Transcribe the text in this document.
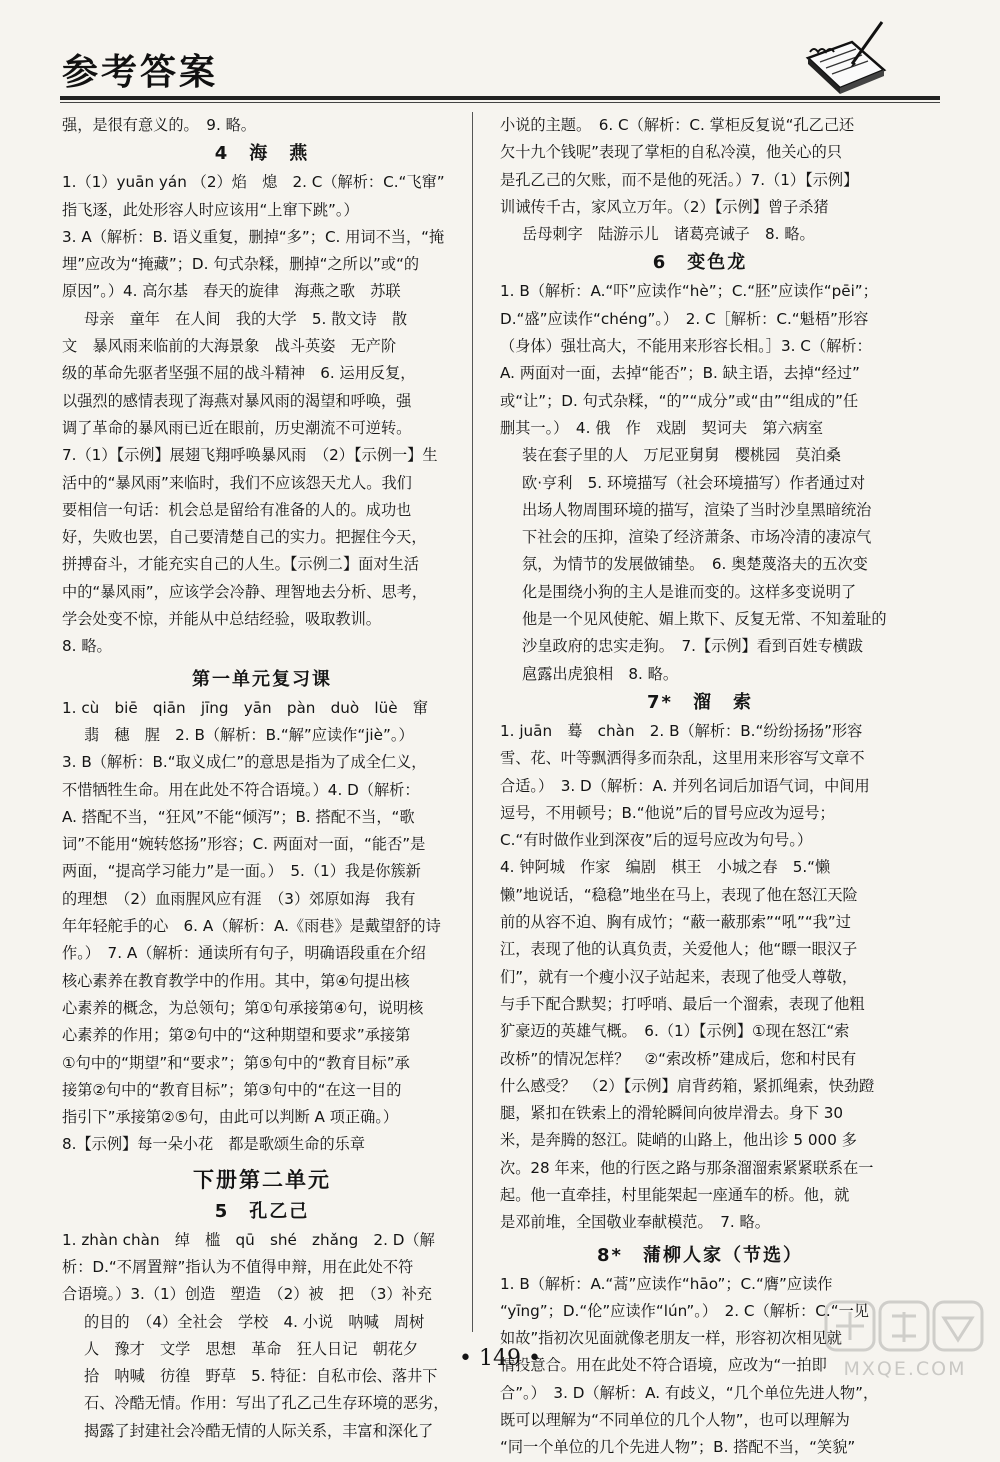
参考答案
强，是很有意义的。　9. 略。
4　海　燕
1.（1）yuān yán （2）焰　熄　2. C（解析：C.“飞窜”
指飞逐，此处形容人时应该用“上窜下跳”。）
3. A（解析：B. 语义重复，删掉“多”；C. 用词不当，“掩
埋”应改为“掩藏”；D. 句式杂糅，删掉“之所以”或“的
原因”。）4. 高尔基　春天的旋律　海燕之歌　苏联
母亲　童年　在人间　我的大学　5. 散文诗　散
文　暴风雨来临前的大海景象　战斗英姿　无产阶
级的革命先驱者坚强不屈的战斗精神　6. 运用反复，
以强烈的感情表现了海燕对暴风雨的渴望和呼唤，强
调了革命的暴风雨已近在眼前，历史潮流不可逆转。
7.（1）【示例】展翅飞翔呼唤暴风雨　（2）【示例一】生
活中的“暴风雨”来临时，我们不应该怨天尤人。我们
要相信一句话：机会总是留给有准备的人的。成功也
好，失败也罢，自己要清楚自己的实力。把握住今天，
拼搏奋斗，才能充实自己的人生。【示例二】面对生活
中的“暴风雨”，应该学会冷静、理智地去分析、思考，
学会处变不惊，并能从中总结经验，吸取教训。
8. 略。
第一单元复习课
1. cù　biē　qiān　jīng　yān　pàn　duò　lüè　窜
翡　穗　腥　2. B（解析：B.“解”应读作“jiè”。）
3. B（解析：B.“取义成仁”的意思是指为了成全仁义，
不惜牺牲生命。用在此处不符合语境。）4. D（解析：
A. 搭配不当，“狂风”不能“倾泻”；B. 搭配不当，“歌
词”不能用“婉转悠扬”形容；C. 两面对一面，“能否”是
两面，“提高学习能力”是一面。）　5.（1）我是你簇新
的理想　（2）血雨腥风应有涯　（3）郊原如海　我有
年年轻舵手的心　6. A（解析：A.《雨巷》是戴望舒的诗
作。）　7. A（解析：通读所有句子，明确语段重在介绍
核心素养在教育教学中的作用。其中，第④句提出核
心素养的概念，为总领句；第①句承接第④句，说明核
心素养的作用；第②句中的“这种期望和要求”承接第
①句中的“期望”和“要求”；第⑤句中的“教育目标”承
接第②句中的“教育目标”；第③句中的“在这一目的
指引下”承接第②⑤句，由此可以判断 A 项正确。）
8.【示例】每一朵小花　都是歌颂生命的乐章
下册第二单元
5　孔乙己
1. zhàn chàn　绰　槛　qū　shé　zhǎng　2. D（解
析：D.“不屑置辩”指认为不值得申辩，用在此处不符
合语境。）3.（1）创造　塑造　（2）被　把　（3）补充
的目的　（4）全社会　学校　4. 小说　呐喊　周树
人　豫才　文学　思想　革命　狂人日记　朝花夕
拾　呐喊　彷徨　野草　5. 特征：自私市侩、落井下
石、冷酷无情。作用：写出了孔乙己生存环境的恶劣，
揭露了封建社会冷酷无情的人际关系，丰富和深化了
小说的主题。　6. C（解析：C. 掌柜反复说“孔乙己还
欠十九个钱呢”表现了掌柜的自私冷漠，他关心的只
是孔乙己的欠账，而不是他的死活。）7.（1）【示例】
训诫传千古，家风立万年。（2）【示例】曾子杀猪
岳母刺字　陆游示儿　诸葛亮诫子　8. 略。
6　变色龙
1. B（解析：A.“吓”应读作“hè”；C.“胚”应读作“pēi”；
D.“盛”应读作“chéng”。）　2. C［解析：C.“魁梧”形容
（身体）强壮高大，不能用来形容长相。］3. C（解析：
A. 两面对一面，去掉“能否”；B. 缺主语，去掉“经过”
或“让”；D. 句式杂糅，“的”“成分”或“由”“组成的”任
删其一。）　4. 俄　作　戏剧　契诃夫　第六病室
装在套子里的人　万尼亚舅舅　樱桃园　莫泊桑
欧·亨利　5. 环境描写（社会环境描写）作者通过对
出场人物周围环境的描写，渲染了当时沙皇黑暗统治
下社会的压抑，渲染了经济萧条、市场冷清的凄凉气
氛，为情节的发展做铺垫。　6. 奥楚蔑洛夫的五次变
化是围绕小狗的主人是谁而变的。这样多变说明了
他是一个见风使舵、媚上欺下、反复无常、不知羞耻的
沙皇政府的忠实走狗。　7.【示例】看到百姓专横跋
扈露出虎狼相　8. 略。
7*　溜　索
1. juān　蓦　chàn　2. B（解析：B.“纷纷扬扬”形容
雪、花、叶等飘洒得多而杂乱，这里用来形容写文章不
合适。）　3. D（解析：A. 并列名词后加语气词，中间用
逗号，不用顿号；B.“他说”后的冒号应改为逗号；
C.“有时做作业到深夜”后的逗号应改为句号。）
4. 钟阿城　作家　编剧　棋王　小城之春　5.“懒
懒”地说话，“稳稳”地坐在马上，表现了他在怒江天险
前的从容不迫、胸有成竹；“蔽一蔽那索”“吼”“我”过
江，表现了他的认真负责，关爱他人；他“瞟一眼汉子
们”，就有一个瘦小汉子站起来，表现了他受人尊敬，
与手下配合默契；打呼哨、最后一个溜索，表现了他粗
犷豪迈的英雄气概。　6.（1）【示例】①现在怒江“索
改桥”的情况怎样？　②“索改桥”建成后，您和村民有
什么感受？　（2）【示例】肩背药箱，紧抓绳索，快劲蹬
腿，紧扣在铁索上的滑轮瞬间向彼岸滑去。身下 30
米，是奔腾的怒江。陡峭的山路上，他出诊 5 000 多
次。28 年来，他的行医之路与那条溜溜索紧紧联系在一
起。他一直牵挂，村里能架起一座通车的桥。他，就
是邓前堆，全国敬业奉献模范。　7. 略。
8*　蒲柳人家（节选）
1. B（解析：A.“蒿”应读作“hāo”；C.“膺”应读作
“yīng”；D.“伦”应读作“lún”。）　2. C（解析：C.“一见
如故”指初次见面就像老朋友一样，形容初次相见就
情投意合。用在此处不符合语境，应改为“一拍即
合”。）　3. D（解析：A. 有歧义，“几个单位先进人物”，
既可以理解为“不同单位的几个人物”，也可以理解为
“同一个单位的几个先进人物”；B. 搭配不当，“笑貌”
• 149 •	MXQE.COM
